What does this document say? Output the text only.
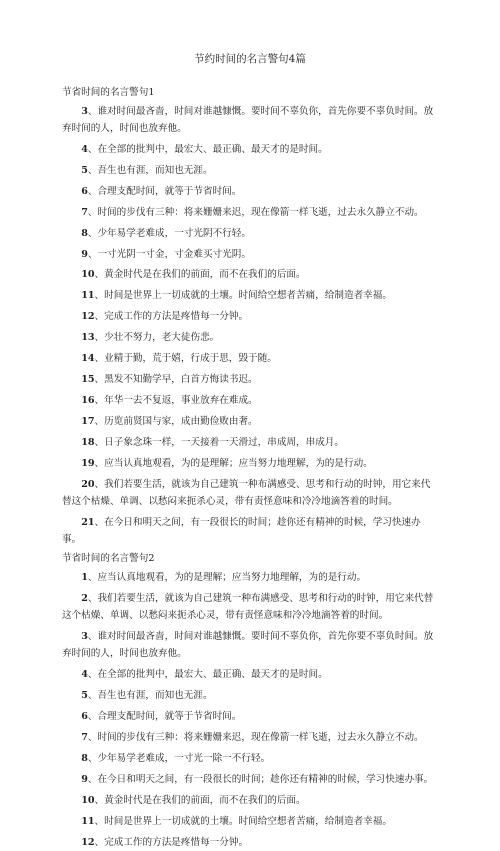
节约时间的名言警句4篇
节省时间的名言警句1
3、谁对时间最吝啬，时间对谁越慷慨。要时间不辜负你，首先你要不辜负时间。放弃时间的人，时间也放弃他。
4、在全部的批判中，最宏大、最正确、最天才的是时间。
5、吾生也有涯，而知也无涯。
6、合理支配时间，就等于节省时间。
7、时间的步伐有三种：将来姗姗来迟，现在像箭一样飞逝，过去永久静立不动。
8、少年易学老难成，一寸光阴不行轻。
9、一寸光阴一寸金，寸金难买寸光阴。
10、黄金时代是在我们的前面，而不在我们的后面。
11、时间是世界上一切成就的土壤。时间给空想者苦痛，给制造者幸福。
12、完成工作的方法是疼惜每一分钟。
13、少壮不努力，老大徒伤悲。
14、业精于勤，荒于嬉，行成于思，毁于随。
15、黑发不知勤学早，白首方悔读书迟。
16、年华一去不复返，事业放弃在难成。
17、历览前贤国与家，成由勤俭败由奢。
18、日子象念珠一样，一天接着一天滑过，串成周，串成月。
19、应当认真地观看，为的是理解；应当努力地理解，为的是行动。
20、我们若要生活，就该为自己建筑一种布满感受、思考和行动的时钟，用它来代替这个枯燥、单调、以愁闷来扼杀心灵，带有责怪意味和冷冷地滴答着的时间。
21、在今日和明天之间，有一段很长的时间；趁你还有精神的时候，学习快速办事。
节省时间的名言警句2
1、应当认真地观看，为的是理解；应当努力地理解，为的是行动。
2、我们若要生活，就该为自己建筑一种布满感受、思考和行动的时钟，用它来代替这个枯燥、单调、以愁闷来扼杀心灵，带有责怪意味和冷冷地滴答着的时间。
3、谁对时间最吝啬，时间对谁越慷慨。要时间不辜负你，首先你要不辜负时间。放弃时间的人，时间也放弃他。
4、在全部的批判中，最宏大、最正确、最天才的是时间。
5、吾生也有涯，而知也无涯。
6、合理支配时间，就等于节省时间。
7、时间的步伐有三种：将来姗姗来迟，现在像箭一样飞逝，过去永久静立不动。
8、少年易学老难成，一寸光一除一不行轻。
9、在今日和明天之间，有一段很长的时间；趁你还有精神的时候，学习快速办事。
10、黄金时代是在我们的前面，而不在我们的后面。
11、时间是世界上一切成就的土壤。时间给空想者苦痛，给制造者幸福。
12、完成工作的方法是疼惜每一分钟。
